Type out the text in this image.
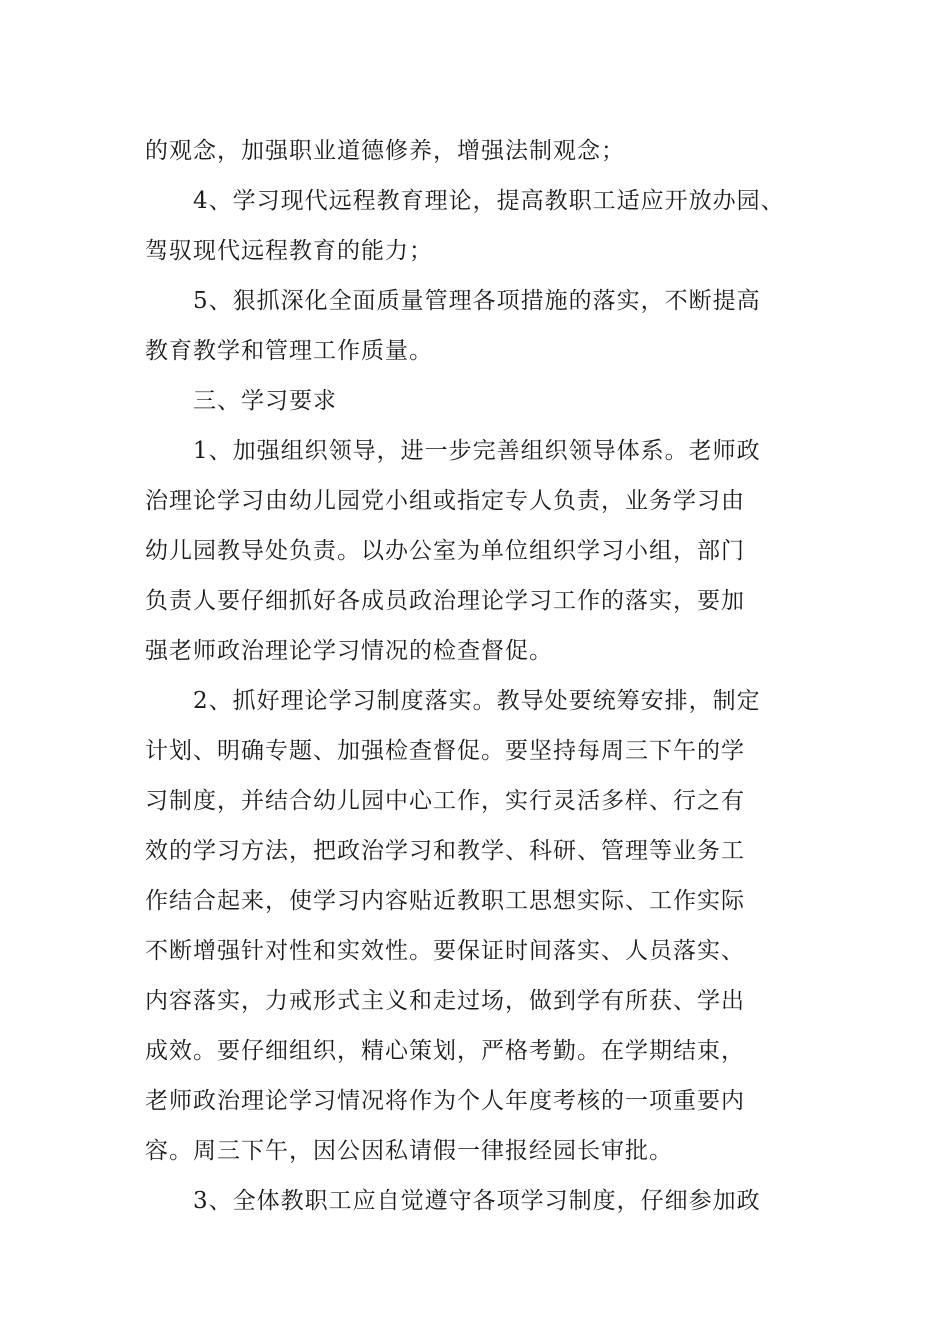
的观念，加强职业道德修养，增强法制观念；
4、学习现代远程教育理论，提高教职工适应开放办园、
驾驭现代远程教育的能力；
5、狠抓深化全面质量管理各项措施的落实，不断提高
教育教学和管理工作质量。
三、学习要求
1、加强组织领导，进一步完善组织领导体系。老师政
治理论学习由幼儿园党小组或指定专人负责，业务学习由
幼儿园教导处负责。以办公室为单位组织学习小组，部门
负责人要仔细抓好各成员政治理论学习工作的落实，要加
强老师政治理论学习情况的检查督促。
2、抓好理论学习制度落实。教导处要统筹安排，制定
计划、明确专题、加强检查督促。要坚持每周三下午的学
习制度，并结合幼儿园中心工作，实行灵活多样、行之有
效的学习方法，把政治学习和教学、科研、管理等业务工
作结合起来，使学习内容贴近教职工思想实际、工作实际
不断增强针对性和实效性。要保证时间落实、人员落实、
内容落实，力戒形式主义和走过场，做到学有所获、学出
成效。要仔细组织，精心策划，严格考勤。在学期结束，
老师政治理论学习情况将作为个人年度考核的一项重要内
容。周三下午，因公因私请假一律报经园长审批。
3、全体教职工应自觉遵守各项学习制度，仔细参加政
